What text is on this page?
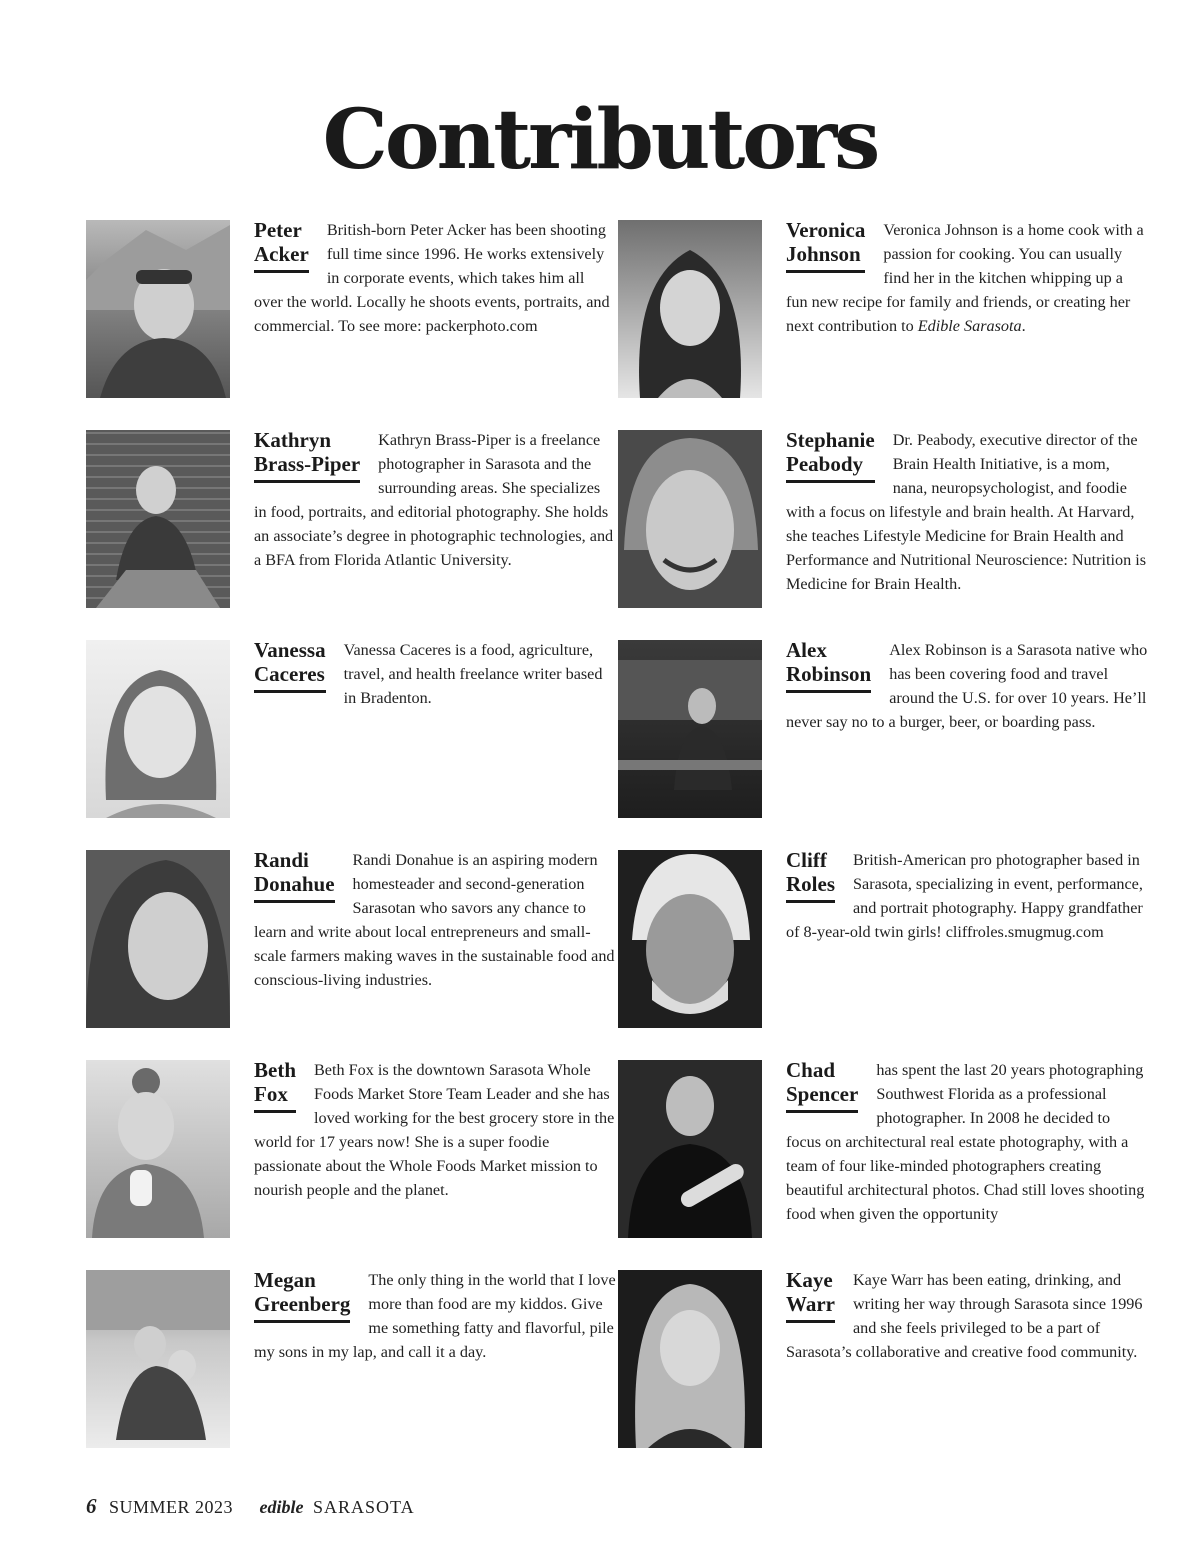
Contributors
Peter
Acker

British-born Peter Acker has been shooting full time since 1996. He works extensively in corporate events, which takes him all over the world. Locally he shoots events, portraits, and commercial. To see more: packerphoto.com

Veronica
Johnson

Veronica Johnson is a home cook with a passion for cooking. You can usually find her in the kitchen whipping up a fun new recipe for family and friends, or creating her next contribution to Edible Sarasota.

Kathryn
Brass-Piper

Kathryn Brass-Piper is a freelance photographer in Sarasota and the surrounding areas. She specializes in food, portraits, and editorial photography. She holds an associate’s degree in photographic technologies, and a BFA from Florida Atlantic University.

Stephanie
Peabody

Dr. Peabody, executive director of the Brain Health Initiative, is a mom, nana, neuropsychologist, and foodie with a focus on lifestyle and brain health. At Harvard, she teaches Lifestyle Medicine for Brain Health and Performance and Nutritional Neuroscience: Nutrition is Medicine for Brain Health.

Vanessa
Caceres

Vanessa Caceres is a food, agriculture, travel, and health freelance writer based in Bradenton.

Alex
Robinson

Alex Robinson is a Sarasota native who has been covering food and travel around the U.S. for over 10 years. He’ll never say no to a burger, beer, or boarding pass.

Randi
Donahue

Randi Donahue is an aspiring modern homesteader and second-generation Sarasotan who savors any chance to learn and write about local entrepreneurs and small-scale farmers making waves in the sustainable food and conscious-living industries.

Cliff
Roles

British-American pro photographer based in Sarasota, specializing in event, performance, and portrait photography. Happy grandfather of 8-year-old twin girls! cliffroles.smugmug.com

Beth
Fox

Beth Fox is the downtown Sarasota Whole Foods Market Store Team Leader and she has loved working for the best grocery store in the world for 17 years now! She is a super foodie passionate about the Whole Foods Market mission to nourish people and the planet.

Chad
Spencer

has spent the last 20 years photographing Southwest Florida as a professional photographer. In 2008 he decided to focus on architectural real estate photography, with a team of four like-minded photographers creating beautiful architectural photos. Chad still loves shooting food when given the opportunity

Megan
Greenberg

The only thing in the world that I love more than food are my kiddos. Give me something fatty and flavorful, pile my sons in my lap, and call it a day.

Kaye
Warr

Kaye Warr has been eating, drinking, and writing her way through Sarasota since 1996 and she feels privileged to be a part of Sarasota’s collaborative and creative food community.

6 SUMMER 2023 edible SARASOTA
